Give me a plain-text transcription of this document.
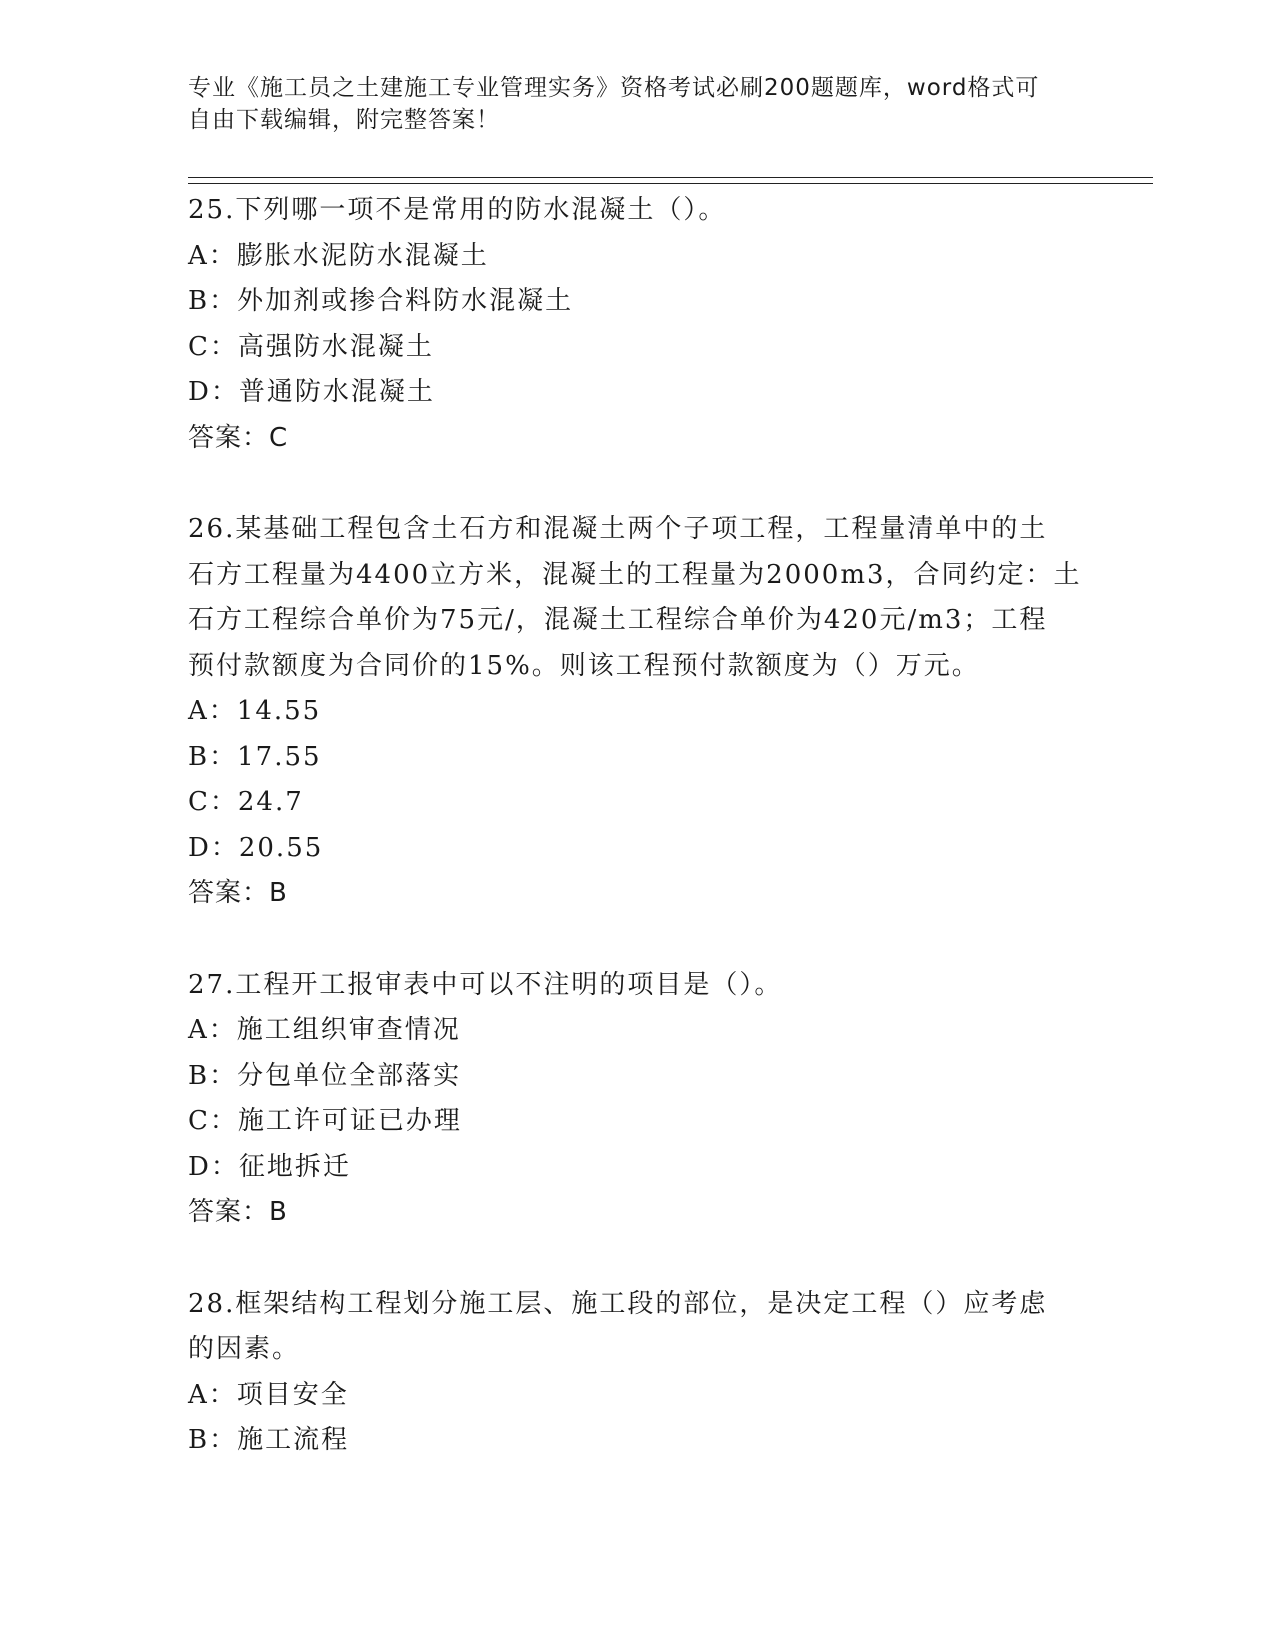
专业《施工员之土建施工专业管理实务》资格考试必刷200题题库，word格式可
自由下载编辑，附完整答案！
25.下列哪一项不是常用的防水混凝土（）。
A：膨胀水泥防水混凝土
B：外加剂或掺合料防水混凝土
C：高强防水混凝土
D：普通防水混凝土
答案：C
26.某基础工程包含土石方和混凝土两个子项工程，工程量清单中的土
石方工程量为4400立方米，混凝土的工程量为2000m3，合同约定：土
石方工程综合单价为75元/，混凝土工程综合单价为420元/m3；工程
预付款额度为合同价的15%。则该工程预付款额度为（）万元。
A：14.55
B：17.55
C：24.7
D：20.55
答案：B
27.工程开工报审表中可以不注明的项目是（）。
A：施工组织审查情况
B：分包单位全部落实
C：施工许可证已办理
D：征地拆迁
答案：B
28.框架结构工程划分施工层、施工段的部位，是决定工程（）应考虑
的因素。
A：项目安全
B：施工流程
